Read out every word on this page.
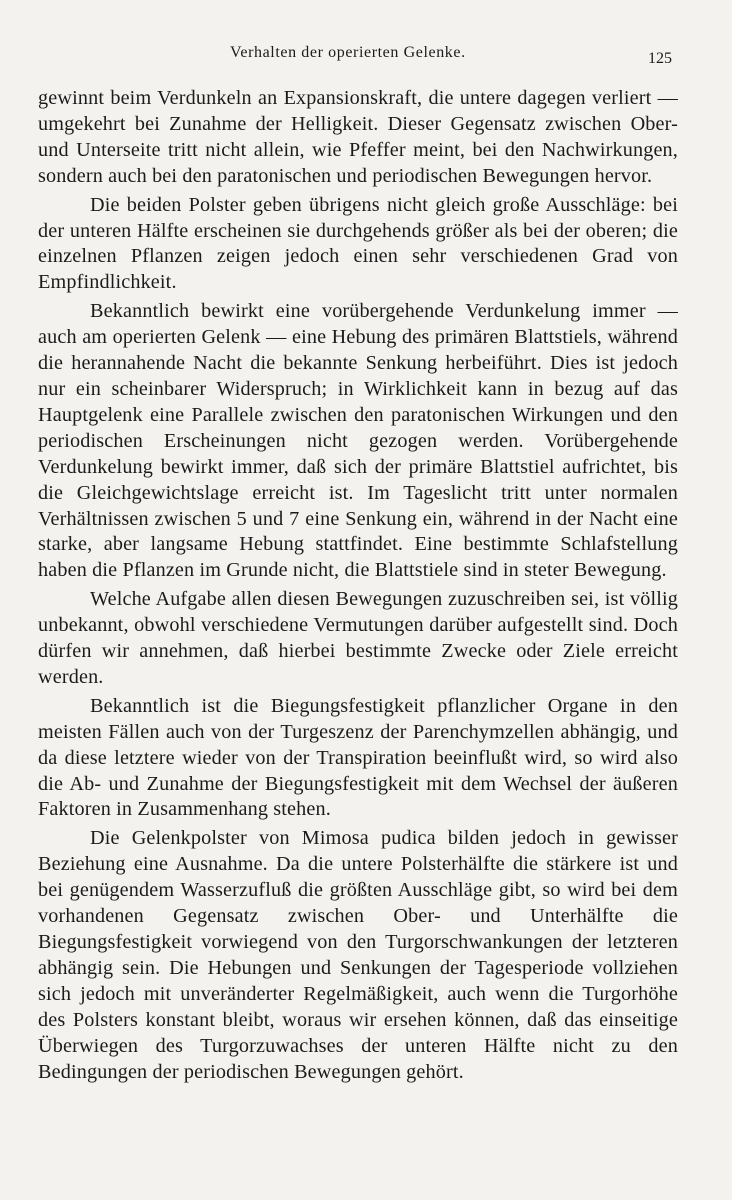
Verhalten der operierten Gelenke.	125

gewinnt beim Verdunkeln an Expansionskraft, die untere dagegen verliert — umgekehrt bei Zunahme der Helligkeit. Dieser Gegensatz zwischen Ober- und Unterseite tritt nicht allein, wie Pfeffer meint, bei den Nachwirkungen, sondern auch bei den paratonischen und periodischen Bewegungen hervor.

Die beiden Polster geben übrigens nicht gleich große Ausschläge: bei der unteren Hälfte erscheinen sie durchgehends größer als bei der oberen; die einzelnen Pflanzen zeigen jedoch einen sehr verschiedenen Grad von Empfindlichkeit.

Bekanntlich bewirkt eine vorübergehende Verdunkelung immer — auch am operierten Gelenk — eine Hebung des primären Blattstiels, während die herannahende Nacht die bekannte Senkung herbeiführt. Dies ist jedoch nur ein scheinbarer Widerspruch; in Wirklichkeit kann in bezug auf das Hauptgelenk eine Parallele zwischen den paratonischen Wirkungen und den periodischen Erscheinungen nicht gezogen werden. Vorübergehende Verdunkelung bewirkt immer, daß sich der primäre Blattstiel aufrichtet, bis die Gleichgewichtslage erreicht ist. Im Tageslicht tritt unter normalen Verhältnissen zwischen 5 und 7 eine Senkung ein, während in der Nacht eine starke, aber langsame Hebung stattfindet. Eine bestimmte Schlafstellung haben die Pflanzen im Grunde nicht, die Blattstiele sind in steter Bewegung.

Welche Aufgabe allen diesen Bewegungen zuzuschreiben sei, ist völlig unbekannt, obwohl verschiedene Vermutungen darüber aufgestellt sind. Doch dürfen wir annehmen, daß hierbei bestimmte Zwecke oder Ziele erreicht werden.

Bekanntlich ist die Biegungsfestigkeit pflanzlicher Organe in den meisten Fällen auch von der Turgeszenz der Parenchymzellen abhängig, und da diese letztere wieder von der Transpiration beeinflußt wird, so wird also die Ab- und Zunahme der Biegungsfestigkeit mit dem Wechsel der äußeren Faktoren in Zusammenhang stehen.

Die Gelenkpolster von Mimosa pudica bilden jedoch in gewisser Beziehung eine Ausnahme. Da die untere Polsterhälfte die stärkere ist und bei genügendem Wasserzufluß die größten Ausschläge gibt, so wird bei dem vorhandenen Gegensatz zwischen Ober- und Unterhälfte die Biegungsfestigkeit vorwiegend von den Turgorschwankungen der letzteren abhängig sein. Die Hebungen und Senkungen der Tagesperiode vollziehen sich jedoch mit unveränderter Regelmäßigkeit, auch wenn die Turgorhöhe des Polsters konstant bleibt, woraus wir ersehen können, daß das einseitige Überwiegen des Turgorzuwachses der unteren Hälfte nicht zu den Bedingungen der periodischen Bewegungen gehört.
